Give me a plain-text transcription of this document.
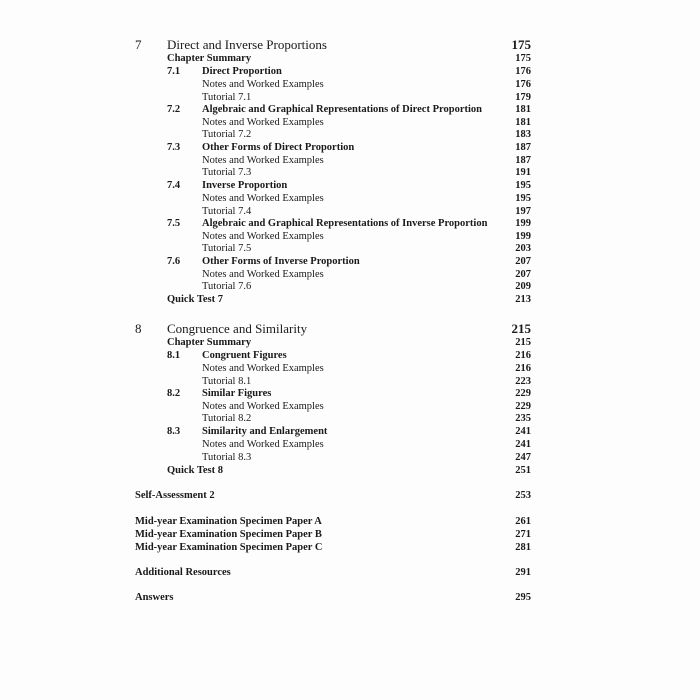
7 Direct and Inverse Proportions	175
Chapter Summary	175
7.1 Direct Proportion	176
Notes and Worked Examples	176
Tutorial 7.1	179
7.2 Algebraic and Graphical Representations of Direct Proportion	181
Notes and Worked Examples	181
Tutorial 7.2	183
7.3 Other Forms of Direct Proportion	187
Notes and Worked Examples	187
Tutorial 7.3	191
7.4 Inverse Proportion	195
Notes and Worked Examples	195
Tutorial 7.4	197
7.5 Algebraic and Graphical Representations of Inverse Proportion	199
Notes and Worked Examples	199
Tutorial 7.5	203
7.6 Other Forms of Inverse Proportion	207
Notes and Worked Examples	207
Tutorial 7.6	209
Quick Test 7	213
8 Congruence and Similarity	215
Chapter Summary	215
8.1 Congruent Figures	216
Notes and Worked Examples	216
Tutorial 8.1	223
8.2 Similar Figures	229
Notes and Worked Examples	229
Tutorial 8.2	235
8.3 Similarity and Enlargement	241
Notes and Worked Examples	241
Tutorial 8.3	247
Quick Test 8	251
Self-Assessment 2	253
Mid-year Examination Specimen Paper A	261
Mid-year Examination Specimen Paper B	271
Mid-year Examination Specimen Paper C	281
Additional Resources	291
Answers	295
